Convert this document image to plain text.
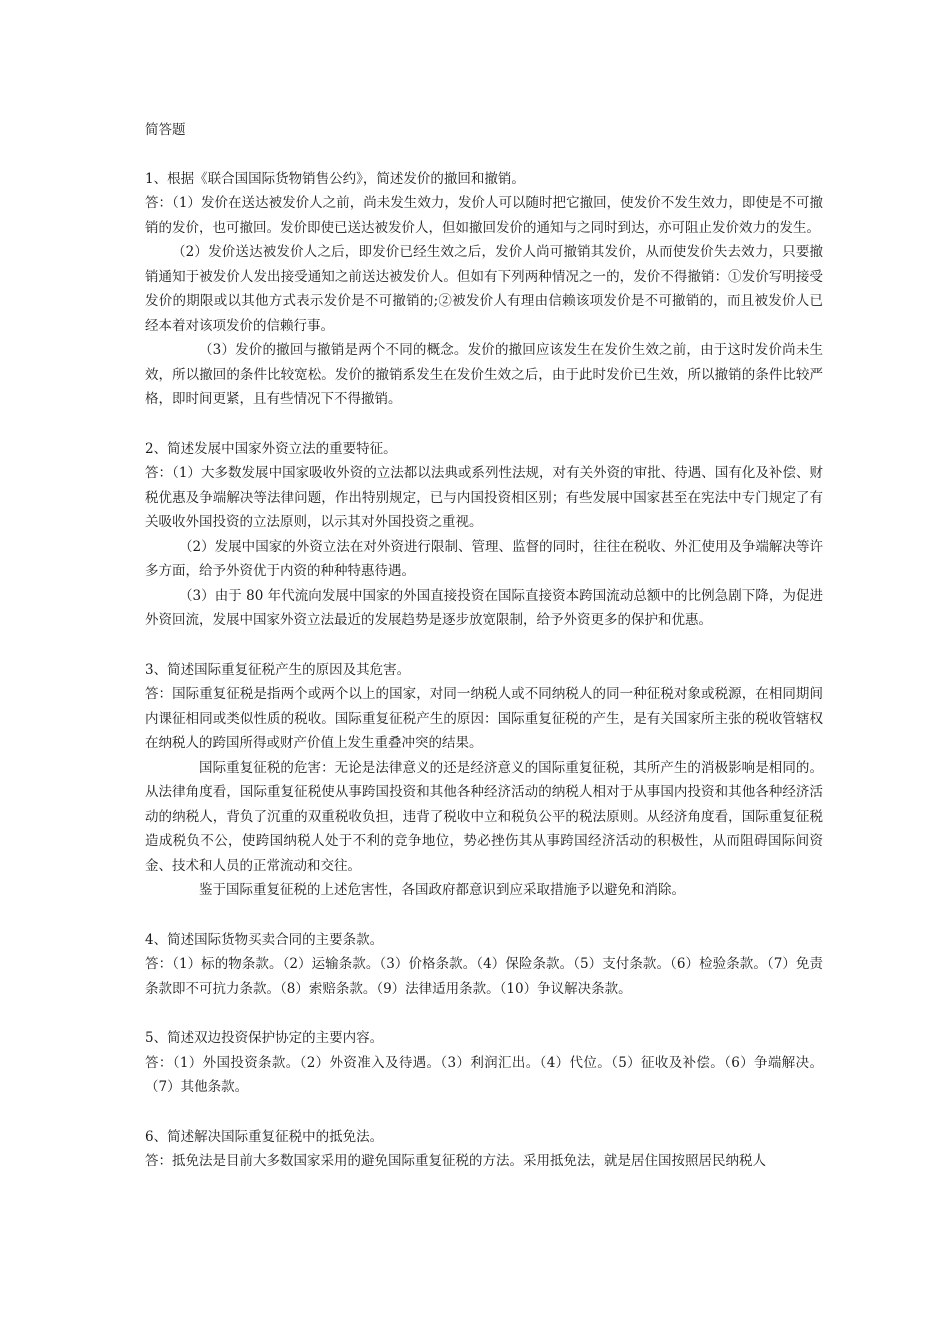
简答题

1、根据《联合国国际货物销售公约》，简述发价的撤回和撤销。

答：（1）发价在送达被发价人之前，尚未发生效力，发价人可以随时把它撤回，使发价不发生效力，即使是不可撤销的发价，也可撤回。发价即使已送达被发价人，但如撤回发价的通知与之同时到达，亦可阻止发价效力的发生。

（2）发价送达被发价人之后，即发价已经生效之后，发价人尚可撤销其发价，从而使发价失去效力，只要撤销通知于被发价人发出接受通知之前送达被发价人。但如有下列两种情况之一的，发价不得撤销：①发价写明接受发价的期限或以其他方式表示发价是不可撤销的;②被发价人有理由信赖该项发价是不可撤销的，而且被发价人已经本着对该项发价的信赖行事。

（3）发价的撤回与撤销是两个不同的概念。发价的撤回应该发生在发价生效之前，由于这时发价尚未生效，所以撤回的条件比较宽松。发价的撤销系发生在发价生效之后，由于此时发价已生效，所以撤销的条件比较严格，即时间更紧，且有些情况下不得撤销。

2、简述发展中国家外资立法的重要特征。

答：（1）大多数发展中国家吸收外资的立法都以法典或系列性法规，对有关外资的审批、待遇、国有化及补偿、财税优惠及争端解决等法律问题，作出特别规定，已与内国投资相区别；有些发展中国家甚至在宪法中专门规定了有关吸收外国投资的立法原则，以示其对外国投资之重视。

（2）发展中国家的外资立法在对外资进行限制、管理、监督的同时，往往在税收、外汇使用及争端解决等许多方面，给予外资优于内资的种种特惠待遇。

（3）由于 80 年代流向发展中国家的外国直接投资在国际直接资本跨国流动总额中的比例急剧下降，为促进外资回流，发展中国家外资立法最近的发展趋势是逐步放宽限制，给予外资更多的保护和优惠。

3、简述国际重复征税产生的原因及其危害。

答：国际重复征税是指两个或两个以上的国家，对同一纳税人或不同纳税人的同一种征税对象或税源，在相同期间内课征相同或类似性质的税收。国际重复征税产生的原因：国际重复征税的产生，是有关国家所主张的税收管辖权在纳税人的跨国所得或财产价值上发生重叠冲突的结果。

国际重复征税的危害：无论是法律意义的还是经济意义的国际重复征税，其所产生的消极影响是相同的。从法律角度看，国际重复征税使从事跨国投资和其他各种经济活动的纳税人相对于从事国内投资和其他各种经济活动的纳税人，背负了沉重的双重税收负担，违背了税收中立和税负公平的税法原则。从经济角度看，国际重复征税造成税负不公，使跨国纳税人处于不利的竞争地位，势必挫伤其从事跨国经济活动的积极性，从而阻碍国际间资金、技术和人员的正常流动和交往。

鉴于国际重复征税的上述危害性，各国政府都意识到应采取措施予以避免和消除。

4、简述国际货物买卖合同的主要条款。

答：（1）标的物条款。（2）运输条款。（3）价格条款。（4）保险条款。（5）支付条款。（6）检验条款。（7）免责条款即不可抗力条款。（8）索赔条款。（9）法律适用条款。（10）争议解决条款。

5、简述双边投资保护协定的主要内容。

答：（1）外国投资条款。（2）外资准入及待遇。（3）利润汇出。（4）代位。（5）征收及补偿。（6）争端解决。（7）其他条款。

6、简述解决国际重复征税中的抵免法。

答：抵免法是目前大多数国家采用的避免国际重复征税的方法。采用抵免法，就是居住国按照居民纳税人
